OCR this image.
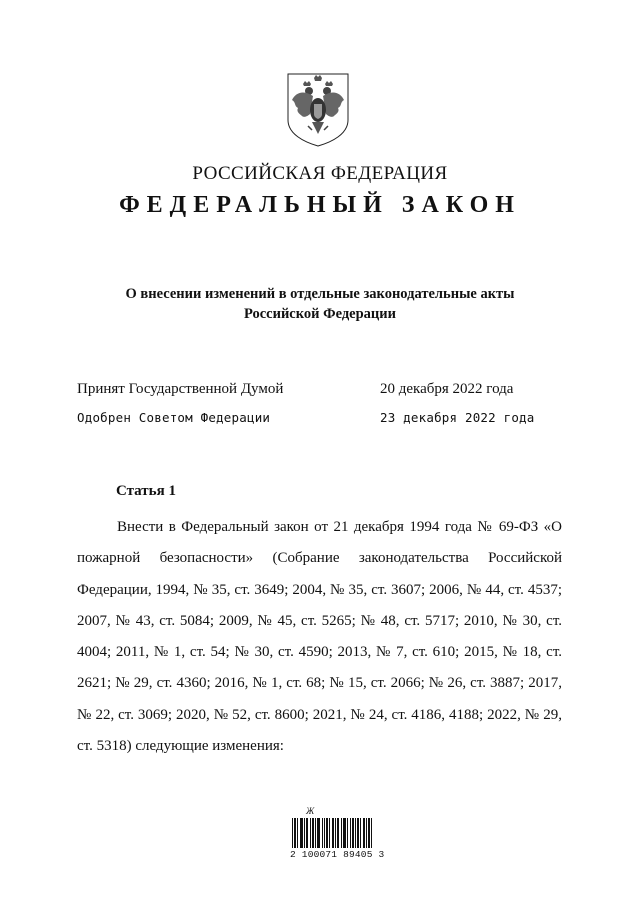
РОССИЙСКАЯ ФЕДЕРАЦИЯ
ФЕДЕРАЛЬНЫЙ ЗАКОН
О внесении изменений в отдельные законодательные акты
Российской Федерации
Принят Государственной Думой	20 декабря 2022 года
Одобрен Советом Федерации	23 декабря 2022 года
Статья 1
Внести в Федеральный закон от 21 декабря 1994 года № 69-ФЗ «О пожарной безопасности» (Собрание законодательства Российской Федерации, 1994, № 35, ст. 3649; 2004, № 35, ст. 3607; 2006, № 44, ст. 4537; 2007, № 43, ст. 5084; 2009, № 45, ст. 5265; № 48, ст. 5717; 2010, № 30, ст. 4004; 2011, № 1, ст. 54; № 30, ст. 4590; 2013, № 7, ст. 610; 2015, № 18, ст. 2621; № 29, ст. 4360; 2016, № 1, ст. 68; № 15, ст. 2066; № 26, ст. 3887; 2017, № 22, ст. 3069; 2020, № 52, ст. 8600; 2021, № 24, ст. 4186, 4188; 2022, № 29, ст. 5318) следующие изменения:
Ж
2 100071 89405 3
